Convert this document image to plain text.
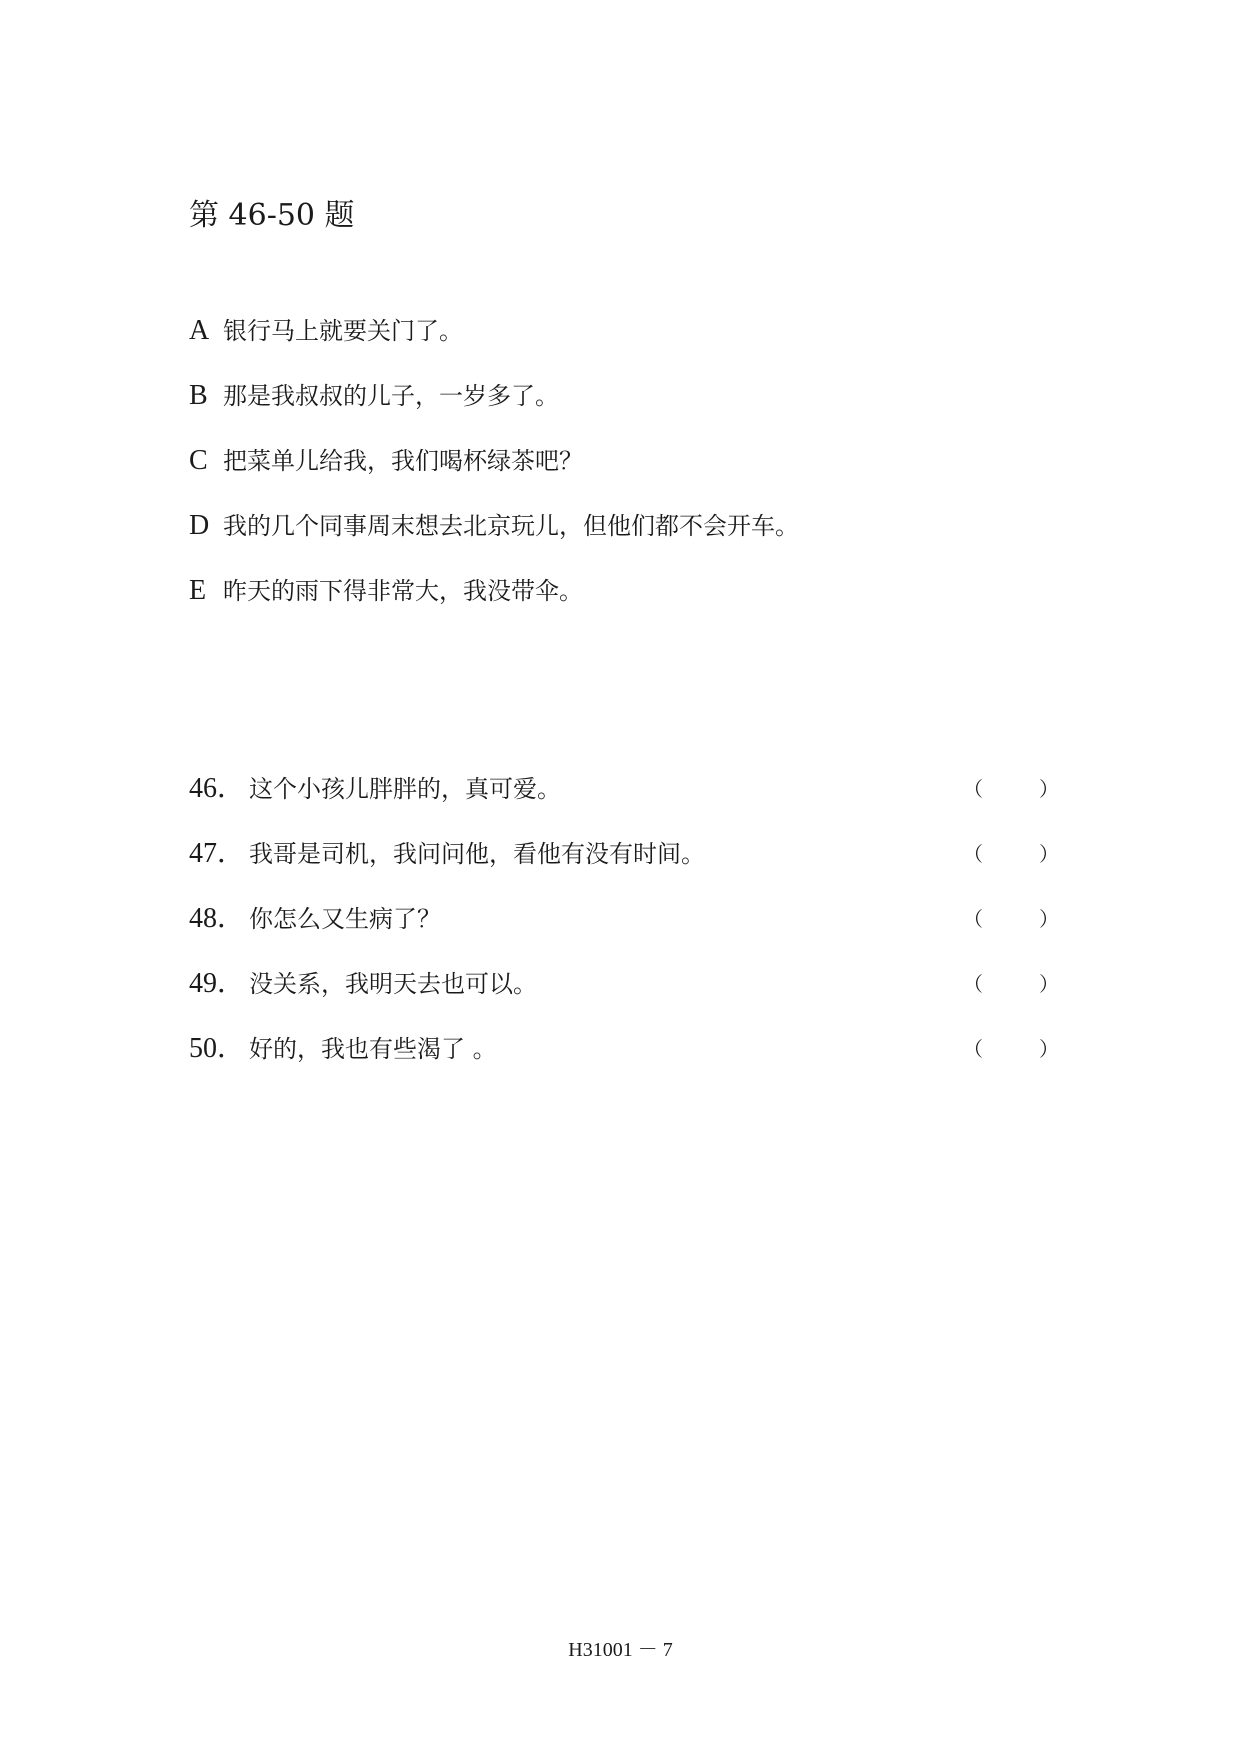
第 46-50 题
A 银行马上就要关门了。
B 那是我叔叔的儿子，一岁多了。
C 把菜单儿给我，我们喝杯绿茶吧？
D 我的几个同事周末想去北京玩儿，但他们都不会开车。
E 昨天的雨下得非常大，我没带伞。
46． 这个小孩儿胖胖的，真可爱。	（	）
47． 我哥是司机，我问问他，看他有没有时间。	（	）
48． 你怎么又生病了？	（	）
49． 没关系，我明天去也可以。	（	）
50． 好的，我也有些渴了 。	（	）
H31001 － 7
